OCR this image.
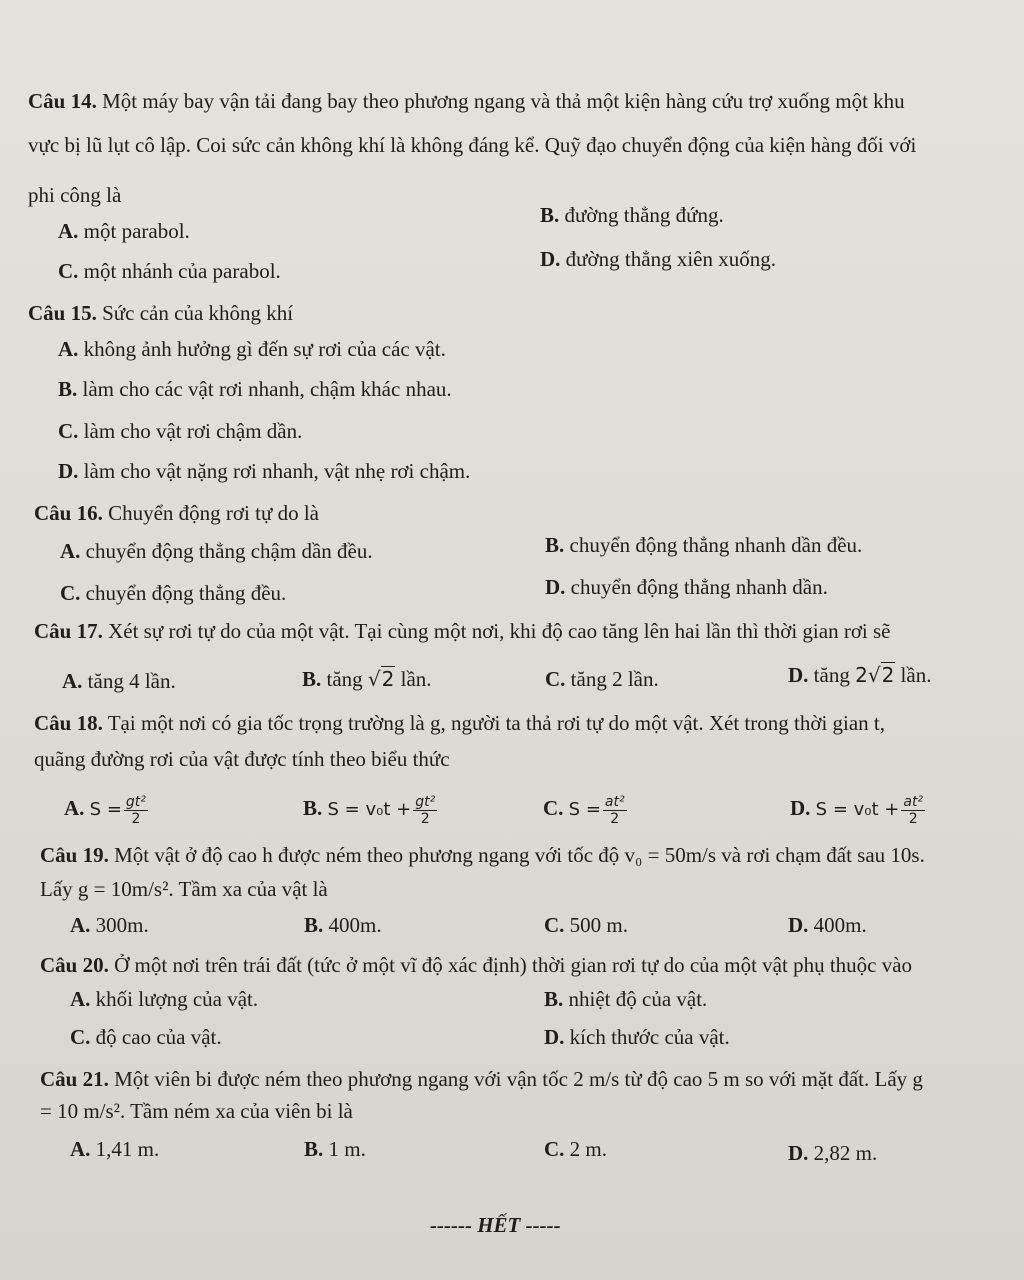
Câu 14. Một máy bay vận tải đang bay theo phương ngang và thả một kiện hàng cứu trợ xuống một khu
vực bị lũ lụt cô lập. Coi sức cản không khí là không đáng kể. Quỹ đạo chuyển động của kiện hàng đối với
phi công là
A. một parabol.
B. đường thẳng đứng.
C. một nhánh của parabol.	D. đường thẳng xiên xuống.
Câu 15. Sức cản của không khí
A. không ảnh hưởng gì đến sự rơi của các vật.
B. làm cho các vật rơi nhanh, chậm khác nhau.
C. làm cho vật rơi chậm dần.
D. làm cho vật nặng rơi nhanh, vật nhẹ rơi chậm.
Câu 16. Chuyển động rơi tự do là
A. chuyển động thẳng chậm dần đều.	B. chuyển động thẳng nhanh dần đều.
C. chuyển động thẳng đều.	D. chuyển động thẳng nhanh dần.
Câu 17. Xét sự rơi tự do của một vật. Tại cùng một nơi, khi độ cao tăng lên hai lần thì thời gian rơi sẽ
A. tăng 4 lần.	B. tăng √2 lần.	C. tăng 2 lần.	D. tăng 2√2 lần.
Câu 18. Tại một nơi có gia tốc trọng trường là g, người ta thả rơi tự do một vật. Xét trong thời gian t,
quãng đường rơi của vật được tính theo biểu thức
A. $S = \frac{\text{gt²}}{2}$	B. $S = v_0t + \frac{\text{gt²}}{2}$	C. $S = \frac{\text{at²}}{2}$	D. $S = v_0t + \frac{\text{at²}}{2}$
Câu 19. Một vật ở độ cao h được ném theo phương ngang với tốc độ v₀ = 50m/s và rơi chạm đất sau 10s.
Lấy g = 10m/s². Tầm xa của vật là
A. 300m.	B. 400m.	C. 500 m.	D. 400m.
Câu 20. Ở một nơi trên trái đất (tức ở một vĩ độ xác định) thời gian rơi tự do của một vật phụ thuộc vào
A. khối lượng của vật.	B. nhiệt độ của vật.
C. độ cao của vật.	D. kích thước của vật.
Câu 21. Một viên bi được ném theo phương ngang với vận tốc 2 m/s từ độ cao 5 m so với mặt đất. Lấy g
= 10 m/s². Tầm ném xa của viên bi là
A. 1,41 m.	B. 1 m.	C. 2 m.	D. 2,82 m.
------ HẾT -----
